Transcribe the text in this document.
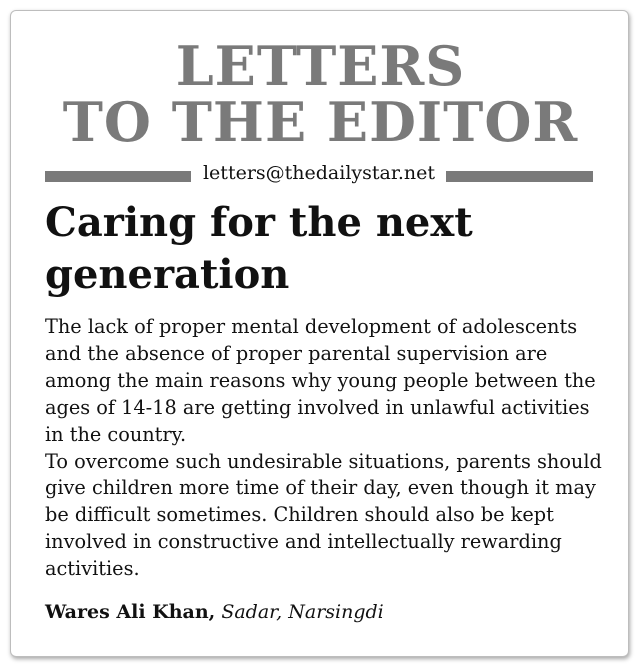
LETTERS
TO THE EDITOR
letters@thedailystar.net
Caring for the next
generation

The lack of proper mental development of adolescents and the absence of proper parental supervision are among the main reasons why young people between the ages of 14-18 are getting involved in unlawful activities in the country.

To overcome such undesirable situations, parents should give children more time of their day, even though it may be difficult sometimes. Children should also be kept involved in constructive and intellectually rewarding activities.

Wares Ali Khan, Sadar, Narsingdi
